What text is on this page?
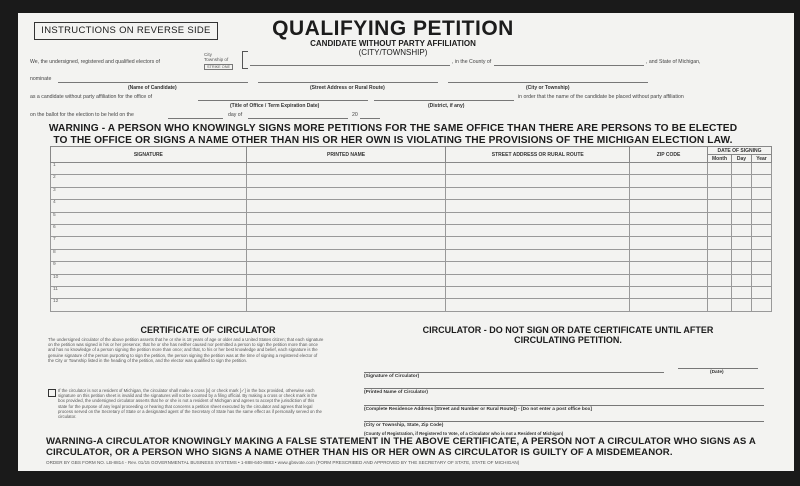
INSTRUCTIONS ON REVERSE SIDE	QUALIFYING PETITION
CANDIDATE WITHOUT PARTY AFFILIATION
(CITY/TOWNSHIP)
We, the undersigned, registered and qualified electors of
City
Township of
STRIKE ONE
, in the County of	, and State of Michigan,
nominate
(Name of Candidate)	(Street Address or Rural Route)	(City or Township)
as a candidate without party affiliation for the office of	in order that the name of the candidate be placed without party affiliation
(Title of Office / Term Expiration Date)	(District, if any)
on the ballot for the election to be held on the	day of	20
WARNING - A PERSON WHO KNOWINGLY SIGNS MORE PETITIONS FOR THE SAME OFFICE THAN THERE ARE PERSONS TO BE ELECTED TO THE OFFICE OR SIGNS A NAME OTHER THAN HIS OR HER OWN IS VIOLATING THE PROVISIONS OF THE MICHIGAN ELECTION LAW.
SIGNATURE	PRINTED NAME	STREET ADDRESS OR RURAL ROUTE	ZIP CODE	DATE OF SIGNING		
				Month	Day	Year
1						
2						
3						
4						
5						
6						
7						
8						
9						
10						
11						
12						
CERTIFICATE OF CIRCULATOR
The undersigned circulator of the above petition asserts that he or she is 18 years of age or older and a United States citizen; that each signature on the petition was signed in his or her presence; that he or she has neither caused nor permitted a person to sign the petition more than once and has no knowledge of a person signing the petition more than once; and that, to his or her best knowledge and belief, each signature is the genuine signature of the person purporting to sign the petition, the person signing the petition was at the time of signing a registered elector of the City or Township listed in the heading of the petition, and the elector was qualified to sign the petition.
If the circulator is not a resident of Michigan, the circulator shall make a cross [x] or check mark [✓] in the box provided, otherwise each signature on this petition sheet is invalid and the signatures will not be counted by a filing official. By making a cross or check mark in the box provided, the undersigned circulator asserts that he or she is not a resident of Michigan and agrees to accept the jurisdiction of this state for the purpose of any legal proceeding or hearing that concerns a petition sheet executed by the circulator and agrees that legal process served on the Secretary of State or a designated agent of the Secretary of State has the same effect as if personally served on the circulator.
CIRCULATOR - DO NOT SIGN OR DATE CERTIFICATE UNTIL AFTER CIRCULATING PETITION.
(Signature of Circulator)
(Date)
(Printed Name of Circulator)
(Complete Residence Address [Street and Number or Rural Route]) - [Do not enter a post office box]
(City or Township, State, Zip Code)
(County of Registration, if Registered to Vote, of a Circulator who is not a Resident of Michigan)
WARNING-A CIRCULATOR KNOWINGLY MAKING A FALSE STATEMENT IN THE ABOVE CERTIFICATE, A PERSON NOT A CIRCULATOR WHO SIGNS AS A CIRCULATOR, OR A PERSON WHO SIGNS A NAME OTHER THAN HIS OR HER OWN AS CIRCULATOR IS GUILTY OF A MISDEMEANOR.
ORDER BY GBS FORM NO. LB-8814 - Rev. 01/15 GOVERNMENTAL BUSINESS SYSTEMS • 1-888-640-8883 • www.gbsvote.com (FORM PRESCRIBED AND APPROVED BY THE SECRETARY OF STATE, STATE OF MICHIGAN)
